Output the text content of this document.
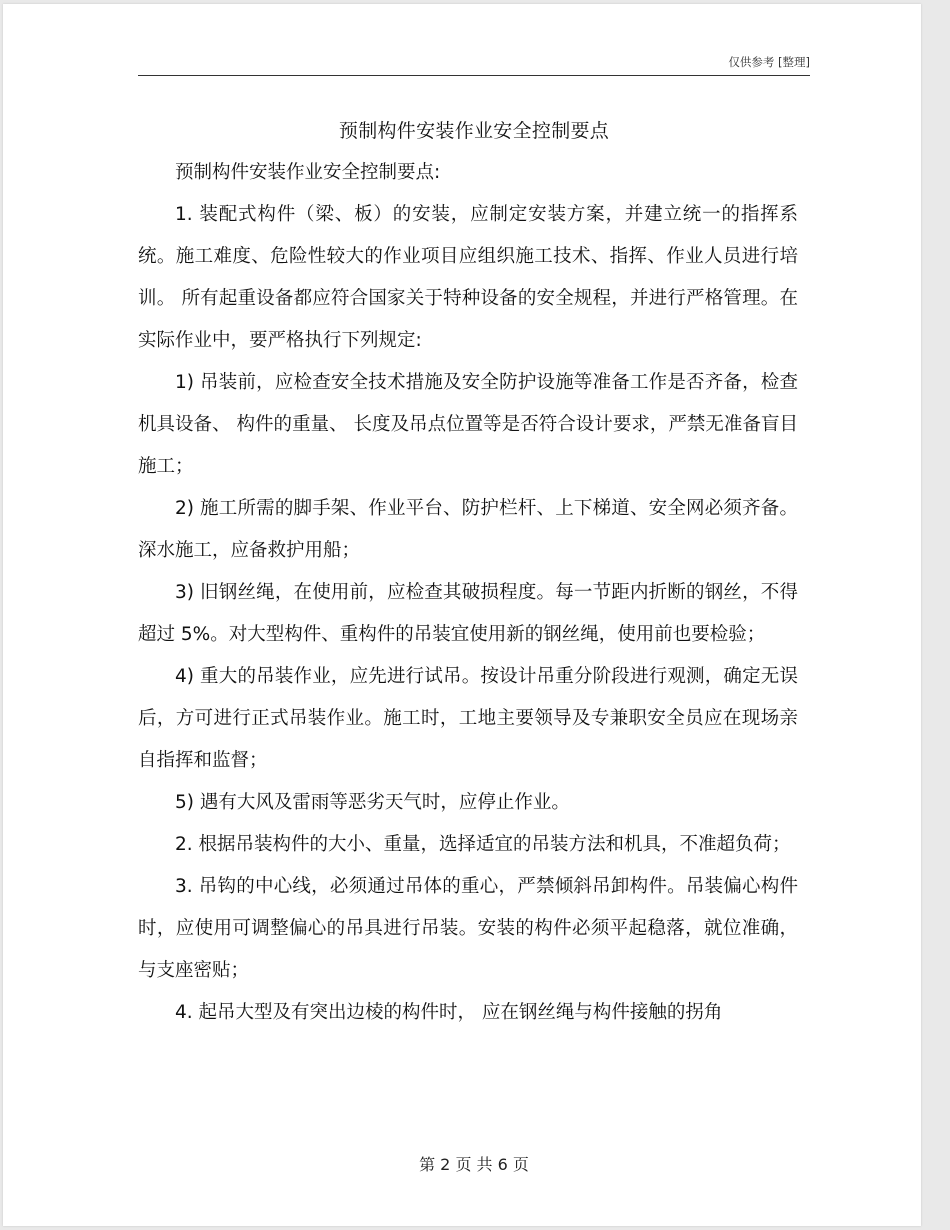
仅供参考 [整理]
预制构件安装作业安全控制要点

预制构件安装作业安全控制要点:

1. 装配式构件（梁、板）的安装，应制定安装方案，并建立统一的指挥系统。施工难度、危险性较大的作业项目应组织施工技术、指挥、作业人员进行培训。 所有起重设备都应符合国家关于特种设备的安全规程，并进行严格管理。在实际作业中，要严格执行下列规定:

1) 吊装前，应检查安全技术措施及安全防护设施等准备工作是否齐备，检查机具设备、 构件的重量、 长度及吊点位置等是否符合设计要求，严禁无准备盲目施工；

2) 施工所需的脚手架、作业平台、防护栏杆、上下梯道、安全网必须齐备。深水施工，应备救护用船；

3) 旧钢丝绳，在使用前，应检查其破损程度。每一节距内折断的钢丝，不得超过 5%。对大型构件、重构件的吊装宜使用新的钢丝绳，使用前也要检验；

4) 重大的吊装作业，应先进行试吊。按设计吊重分阶段进行观测，确定无误后，方可进行正式吊装作业。施工时，工地主要领导及专兼职安全员应在现场亲自指挥和监督；

5) 遇有大风及雷雨等恶劣天气时，应停止作业。

2. 根据吊装构件的大小、重量，选择适宜的吊装方法和机具，不准超负荷；

3. 吊钩的中心线，必须通过吊体的重心，严禁倾斜吊卸构件。吊装偏心构件时，应使用可调整偏心的吊具进行吊装。安装的构件必须平起稳落，就位准确，与支座密贴；

4. 起吊大型及有突出边棱的构件时， 应在钢丝绳与构件接触的拐角

第 2 页 共 6 页
